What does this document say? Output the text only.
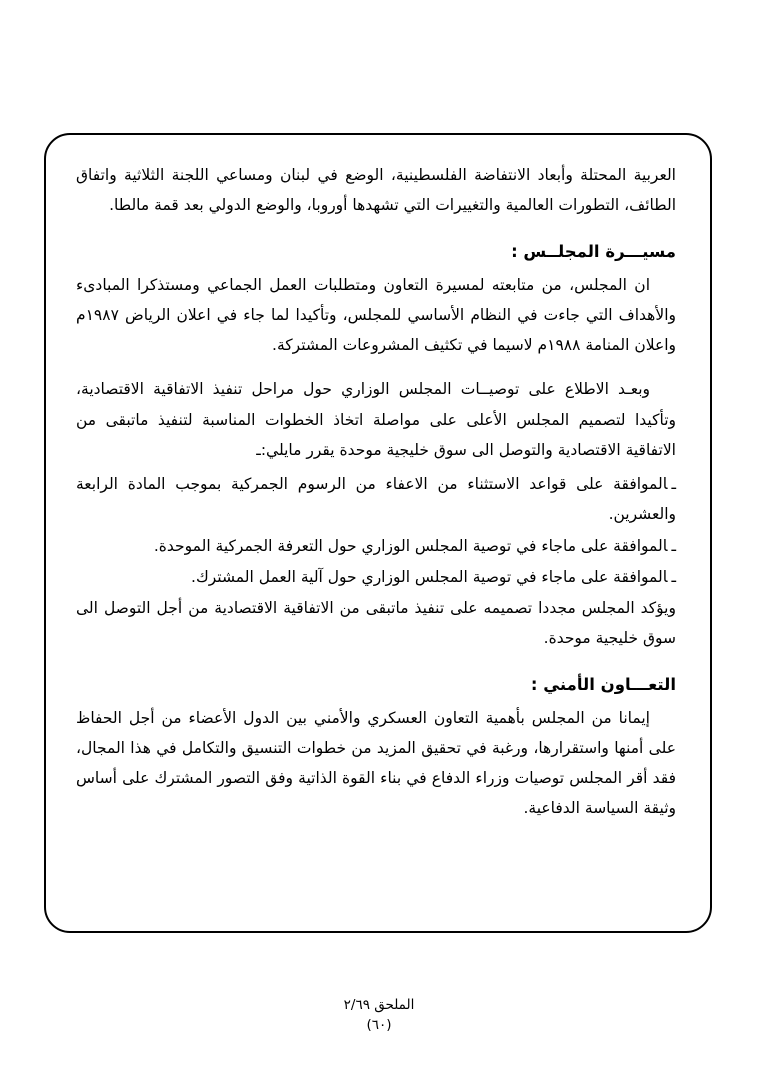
العربية المحتلة وأبعاد الانتفاضة الفلسطينية، الوضع في لبنان ومساعي اللجنة الثلاثية واتفاق الطائف، التطورات العالمية والتغييرات التي تشهدها أوروبا، والوضع الدولي بعد قمة مالطا.

مسيـــرة المجلــس :

ان المجلس، من متابعته لمسيرة التعاون ومتطلبات العمل الجماعي ومستذكرا المبادىء والأهداف التي جاءت في النظام الأساسي للمجلس، وتأكيدا لما جاء في اعلان الرياض ١٩٨٧م واعلان المنامة ١٩٨٨م لاسيما في تكثيف المشروعات المشتركة.

وبعـد الاطلاع على توصيــات المجلس الوزاري حول مراحل تنفيذ الاتفاقية الاقتصادية، وتأكيدا لتصميم المجلس الأعلى على مواصلة اتخاذ الخطوات المناسبة لتنفيذ ماتبقى من الاتفاقية الاقتصادية والتوصل الى سوق خليجية موحدة يقرر مايلي:ـ

ـالموافقة على قواعد الاستثناء من الاعفاء من الرسوم الجمركية بموجب المادة الرابعة والعشرين.
ـالموافقة على ماجاء في توصية المجلس الوزاري حول التعرفة الجمركية الموحدة.
ـالموافقة على ماجاء في توصية المجلس الوزاري حول آلية العمل المشترك.

ويؤكد المجلس مجددا تصميمه على تنفيذ ماتبقى من الاتفاقية الاقتصادية من أجل التوصل الى سوق خليجية موحدة.

التعـــاون الأمني :

إيمانا من المجلس بأهمية التعاون العسكري والأمني بين الدول الأعضاء من أجل الحفاظ على أمنها واستقرارها، ورغبة في تحقيق المزيد من خطوات التنسيق والتكامل في هذا المجال، فقد أقر المجلس توصيات وزراء الدفاع في بناء القوة الذاتية وفق التصور المشترك على أساس وثيقة السياسة الدفاعية.

الملحق ٢/٦٩
(٦٠)
